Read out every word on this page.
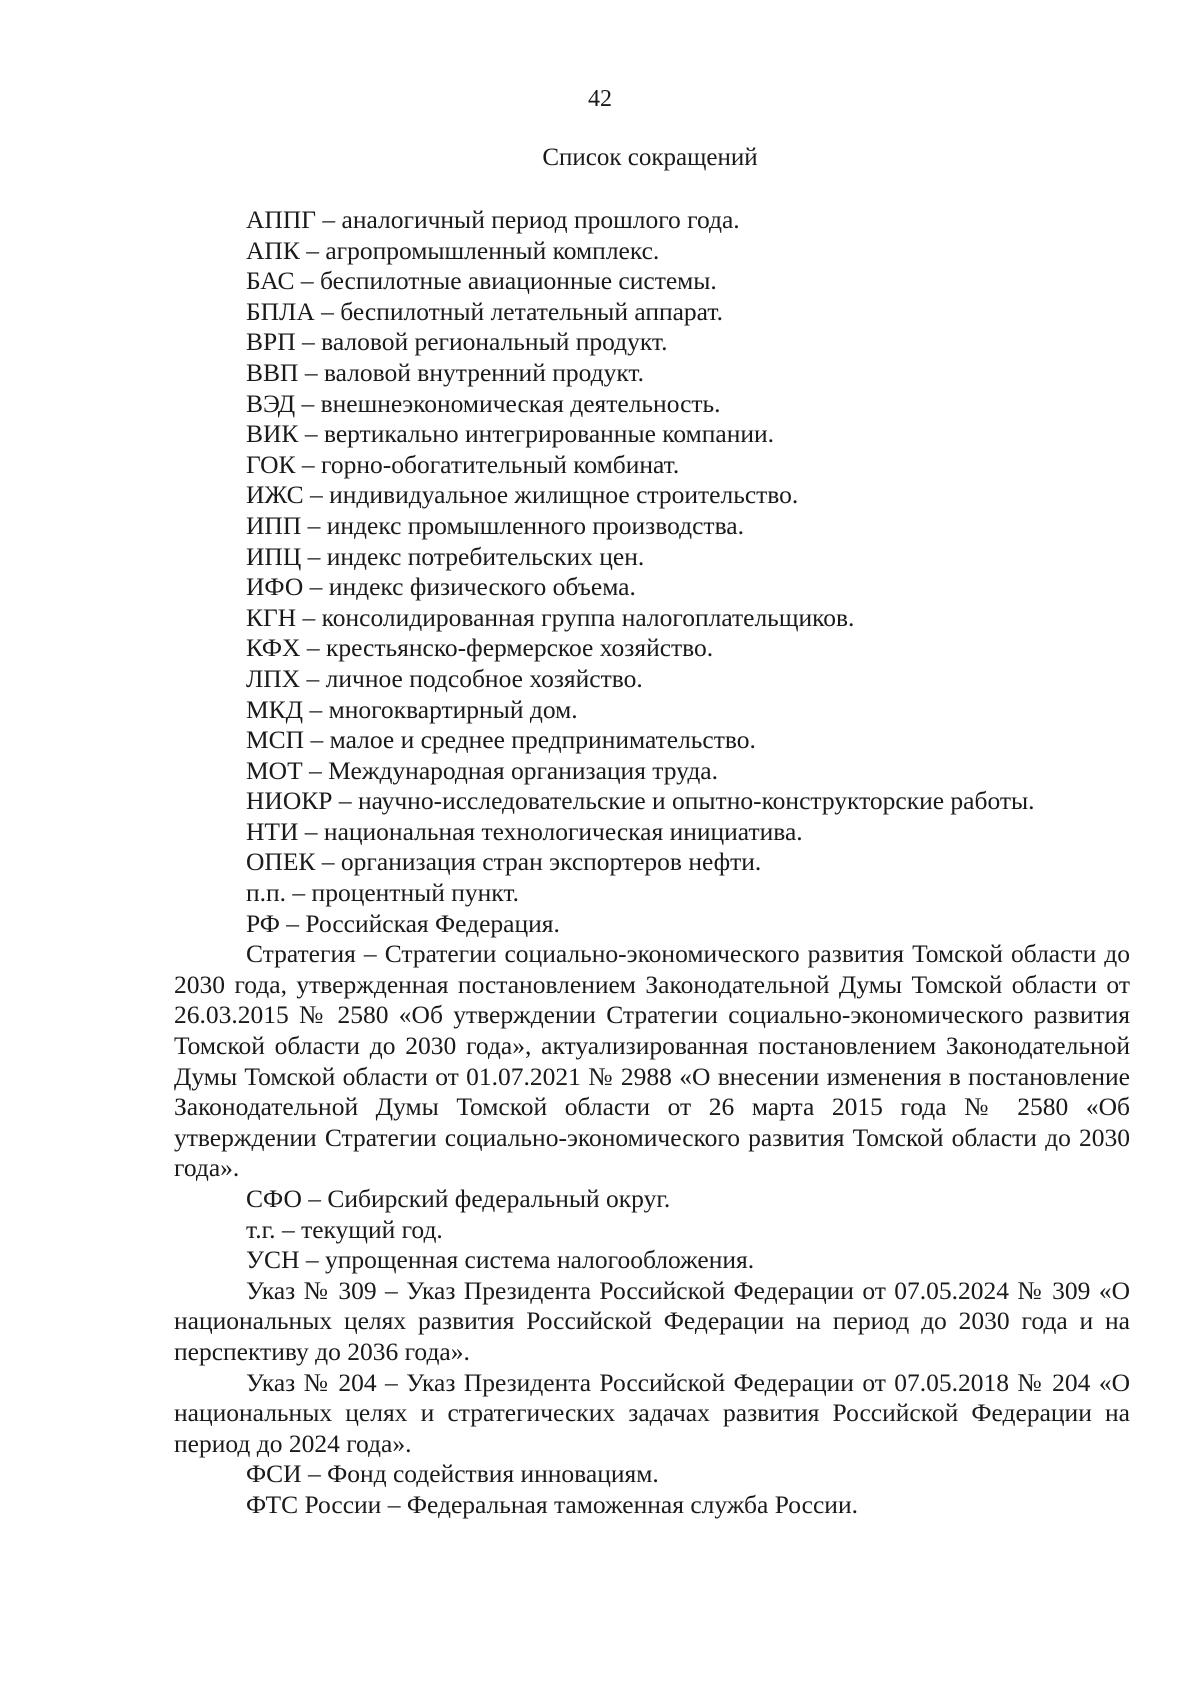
42
Список сокращений

АППГ – аналогичный период прошлого года.

АПК – агропромышленный комплекс.

БАС – беспилотные авиационные системы.

БПЛА – беспилотный летательный аппарат.

ВРП – валовой региональный продукт.

ВВП – валовой внутренний продукт.

ВЭД – внешнеэкономическая деятельность.

ВИК – вертикально интегрированные компании.

ГОК – горно-обогатительный комбинат.

ИЖС – индивидуальное жилищное строительство.

ИПП – индекс промышленного производства.

ИПЦ – индекс потребительских цен.

ИФО – индекс физического объема.

КГН – консолидированная группа налогоплательщиков.

КФХ – крестьянско-фермерское хозяйство.

ЛПХ – личное подсобное хозяйство.

МКД – многоквартирный дом.

МСП – малое и среднее предпринимательство.

МОТ – Международная организация труда.

НИОКР – научно-исследовательские и опытно-конструкторские работы.

НТИ – национальная технологическая инициатива.

ОПЕК – организация стран экспортеров нефти.

п.п. – процентный пункт.

РФ – Российская Федерация.

Стратегия – Стратегии социально-экономического развития Томской области до 2030 года, утвержденная постановлением Законодательной Думы Томской области от 26.03.2015 № 2580 «Об утверждении Стратегии социально-экономического развития Томской области до 2030 года», актуализированная постановлением Законодательной Думы Томской области от 01.07.2021 № 2988 «О внесении изменения в постановление Законодательной Думы Томской области от 26 марта 2015 года № 2580 «Об утверждении Стратегии социально-экономического развития Томской области до 2030 года».

СФО – Сибирский федеральный округ.

т.г. – текущий год.

УСН – упрощенная система налогообложения.

Указ № 309 – Указ Президента Российской Федерации от 07.05.2024 № 309 «О национальных целях развития Российской Федерации на период до 2030 года и на перспективу до 2036 года».

Указ № 204 – Указ Президента Российской Федерации от 07.05.2018 № 204 «О национальных целях и стратегических задачах развития Российской Федерации на период до 2024 года».

ФСИ – Фонд содействия инновациям.

ФТС России – Федеральная таможенная служба России.
